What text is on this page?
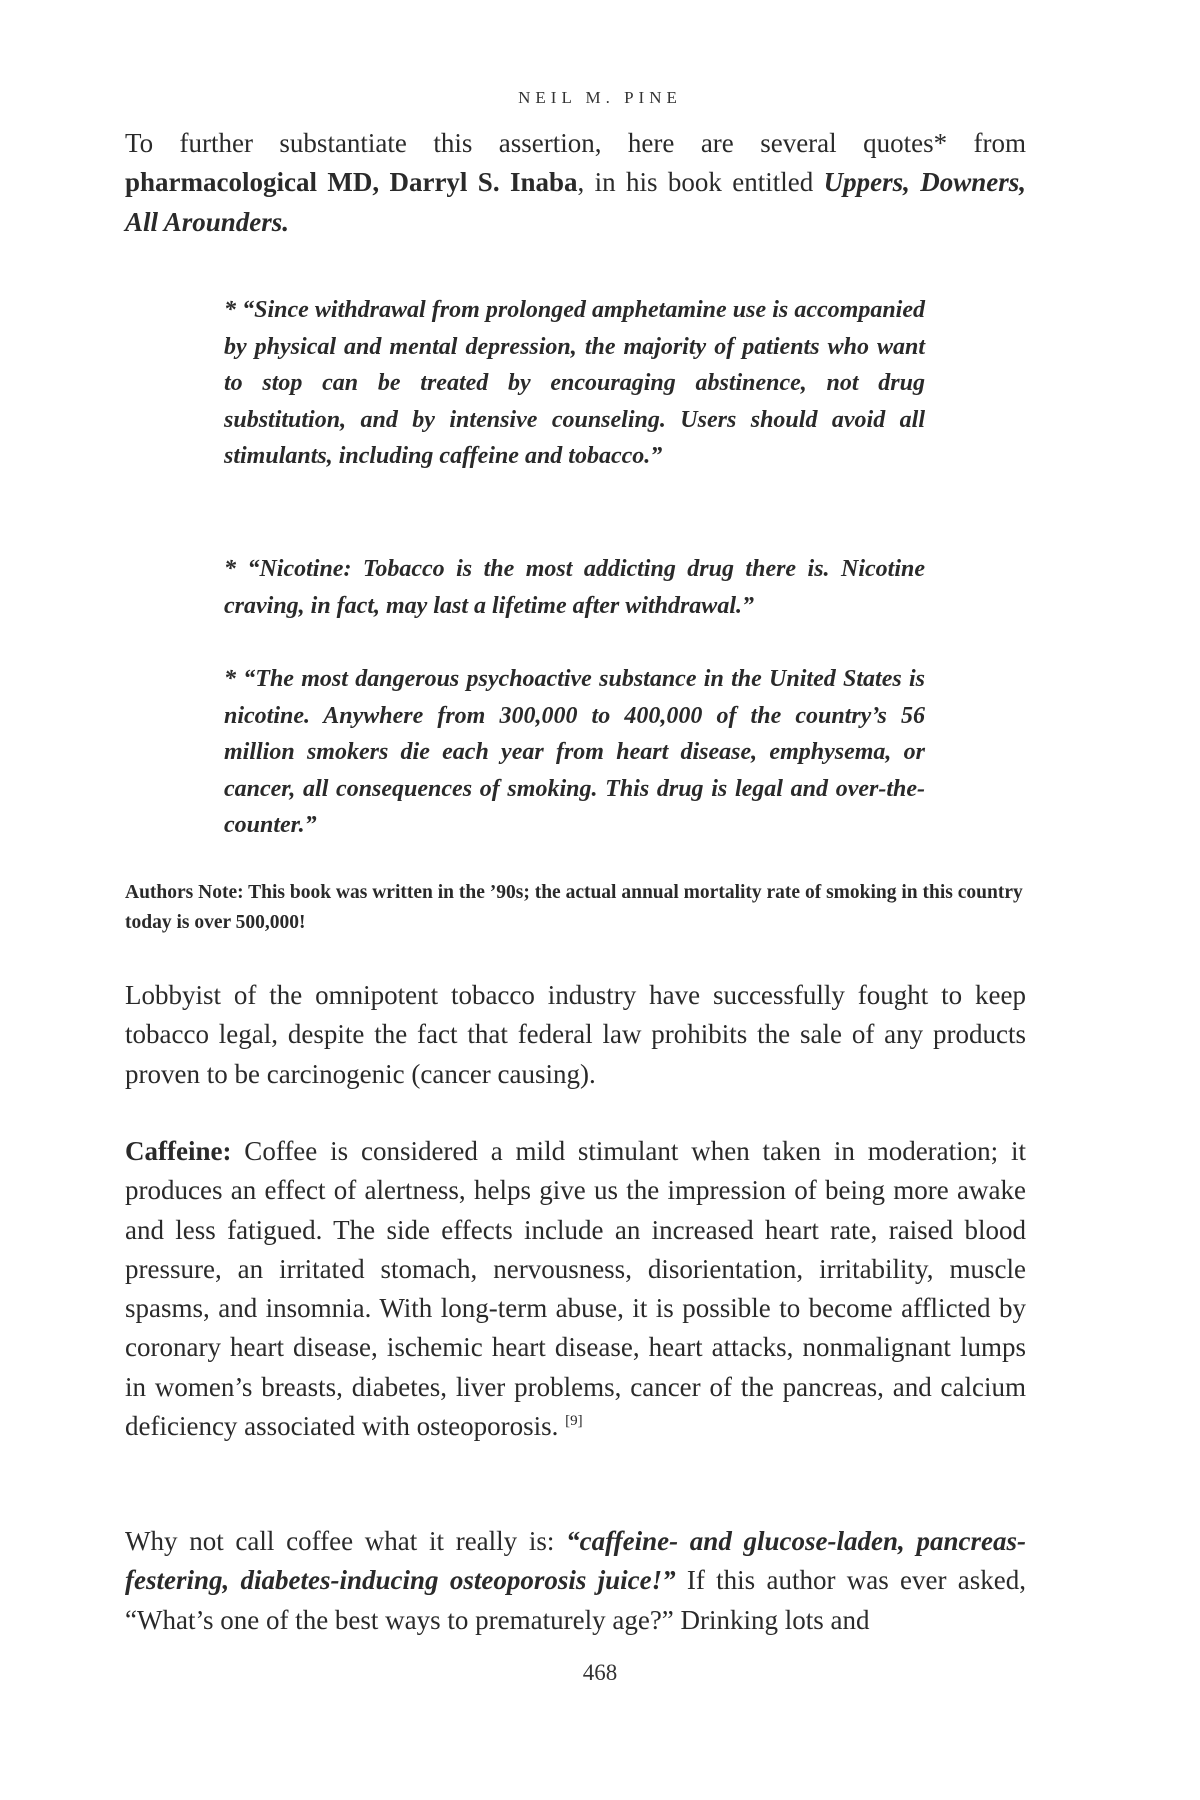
NEIL M. PINE

To further substantiate this assertion, here are several quotes* from pharmacological MD, Darryl S. Inaba, in his book entitled Uppers, Downers, All Arounders.

* “Since withdrawal from prolonged amphetamine use is accompanied by physical and mental depression, the majority of patients who want to stop can be treated by encouraging abstinence, not drug substitution, and by intensive counseling. Users should avoid all stimulants, including caffeine and tobacco.”

* “Nicotine: Tobacco is the most addicting drug there is. Nicotine craving, in fact, may last a lifetime after withdrawal.”

* “The most dangerous psychoactive substance in the United States is nicotine. Anywhere from 300,000 to 400,000 of the country’s 56 million smokers die each year from heart disease, emphysema, or cancer, all consequences of smoking. This drug is legal and over-the-counter.”

Authors Note: This book was written in the ’90s; the actual annual mortality rate of smoking in this country today is over 500,000!

Lobbyist of the omnipotent tobacco industry have successfully fought to keep tobacco legal, despite the fact that federal law prohibits the sale of any products proven to be carcinogenic (cancer causing).

Caffeine: Coffee is considered a mild stimulant when taken in moderation; it produces an effect of alertness, helps give us the impression of being more awake and less fatigued. The side effects include an increased heart rate, raised blood pressure, an irritated stomach, nervousness, disorientation, irritability, muscle spasms, and insomnia. With long-term abuse, it is possible to become afflicted by coronary heart disease, ischemic heart disease, heart attacks, nonmalignant lumps in women’s breasts, diabetes, liver problems, cancer of the pancreas, and calcium deficiency associated with osteoporosis. [9]

Why not call coffee what it really is: “caffeine- and glucose-laden, pancreas-festering, diabetes-inducing osteoporosis juice!” If this author was ever asked, “What’s one of the best ways to prematurely age?” Drinking lots and

468
